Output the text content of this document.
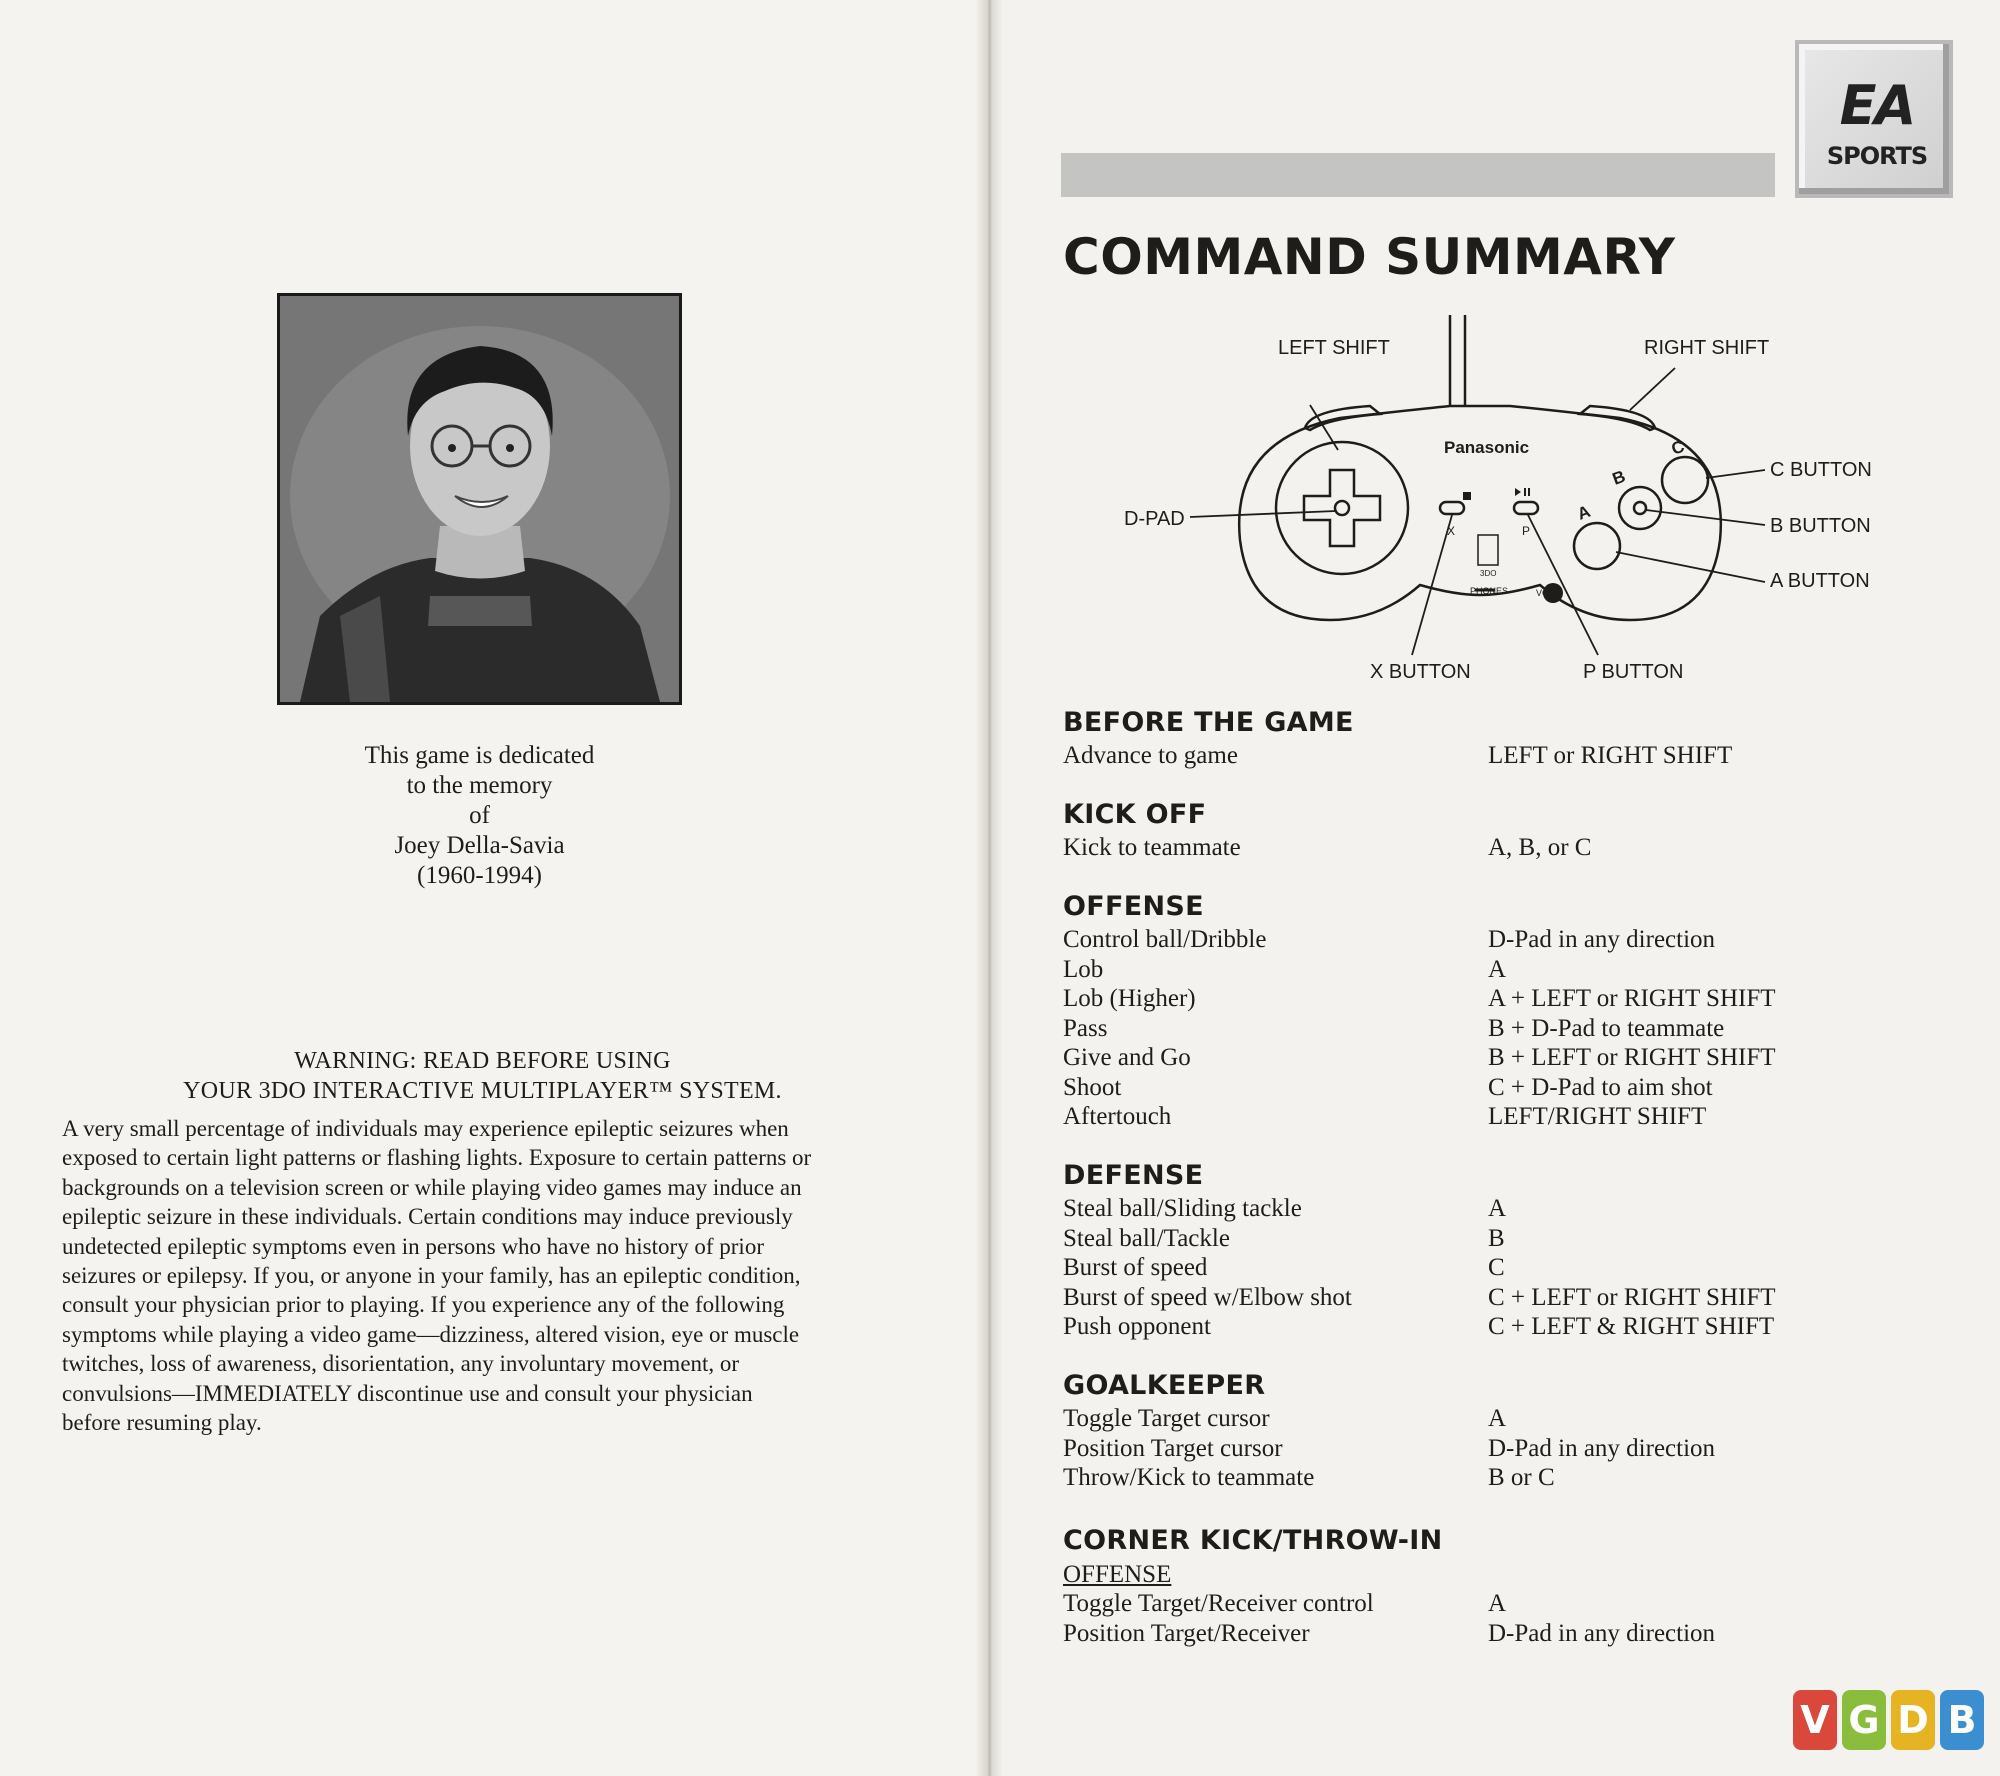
This game is dedicated
to the memory
of
Joey Della-Savia
(1960-1994)
WARNING: READ BEFORE USING
YOUR 3DO INTERACTIVE MULTIPLAYER™ SYSTEM.
A very small percentage of individuals may experience epileptic seizures when
exposed to certain light patterns or flashing lights. Exposure to certain patterns or
backgrounds on a television screen or while playing video games may induce an
epileptic seizure in these individuals. Certain conditions may induce previously
undetected epileptic symptoms even in persons who have no history of prior
seizures or epilepsy. If you, or anyone in your family, has an epileptic condition,
consult your physician prior to playing. If you experience any of the following
symptoms while playing a video game—dizziness, altered vision, eye or muscle
twitches, loss of awareness, disorientation, any involuntary movement, or
convulsions—IMMEDIATELY discontinue use and consult your physician
before resuming play.
EA
SPORTS
COMMAND SUMMARY
Panasonic	C
B
A
X	P
3DO
PHONES	VOL
LEFT SHIFT	RIGHT SHIFT
D-PAD
C BUTTON
B BUTTON
A BUTTON
X BUTTON	P BUTTON
BEFORE THE GAME
Advance to game	LEFT or RIGHT SHIFT
KICK OFF
Kick to teammate	A, B, or C
OFFENSE
Control ball/Dribble	D-Pad in any direction
Lob	A
Lob (Higher)	A + LEFT or RIGHT SHIFT
Pass	B + D-Pad to teammate
Give and Go	B + LEFT or RIGHT SHIFT
Shoot	C + D-Pad to aim shot
Aftertouch	LEFT/RIGHT SHIFT
DEFENSE
Steal ball/Sliding tackle	A
Steal ball/Tackle	B
Burst of speed	C
Burst of speed w/Elbow shot	C + LEFT or RIGHT SHIFT
Push opponent	C + LEFT & RIGHT SHIFT
GOALKEEPER
Toggle Target cursor	A
Position Target cursor	D-Pad in any direction
Throw/Kick to teammate	B or C
CORNER KICK/THROW-IN
OFFENSE
Toggle Target/Receiver control	A
Position Target/Receiver	D-Pad in any direction
V G D B
